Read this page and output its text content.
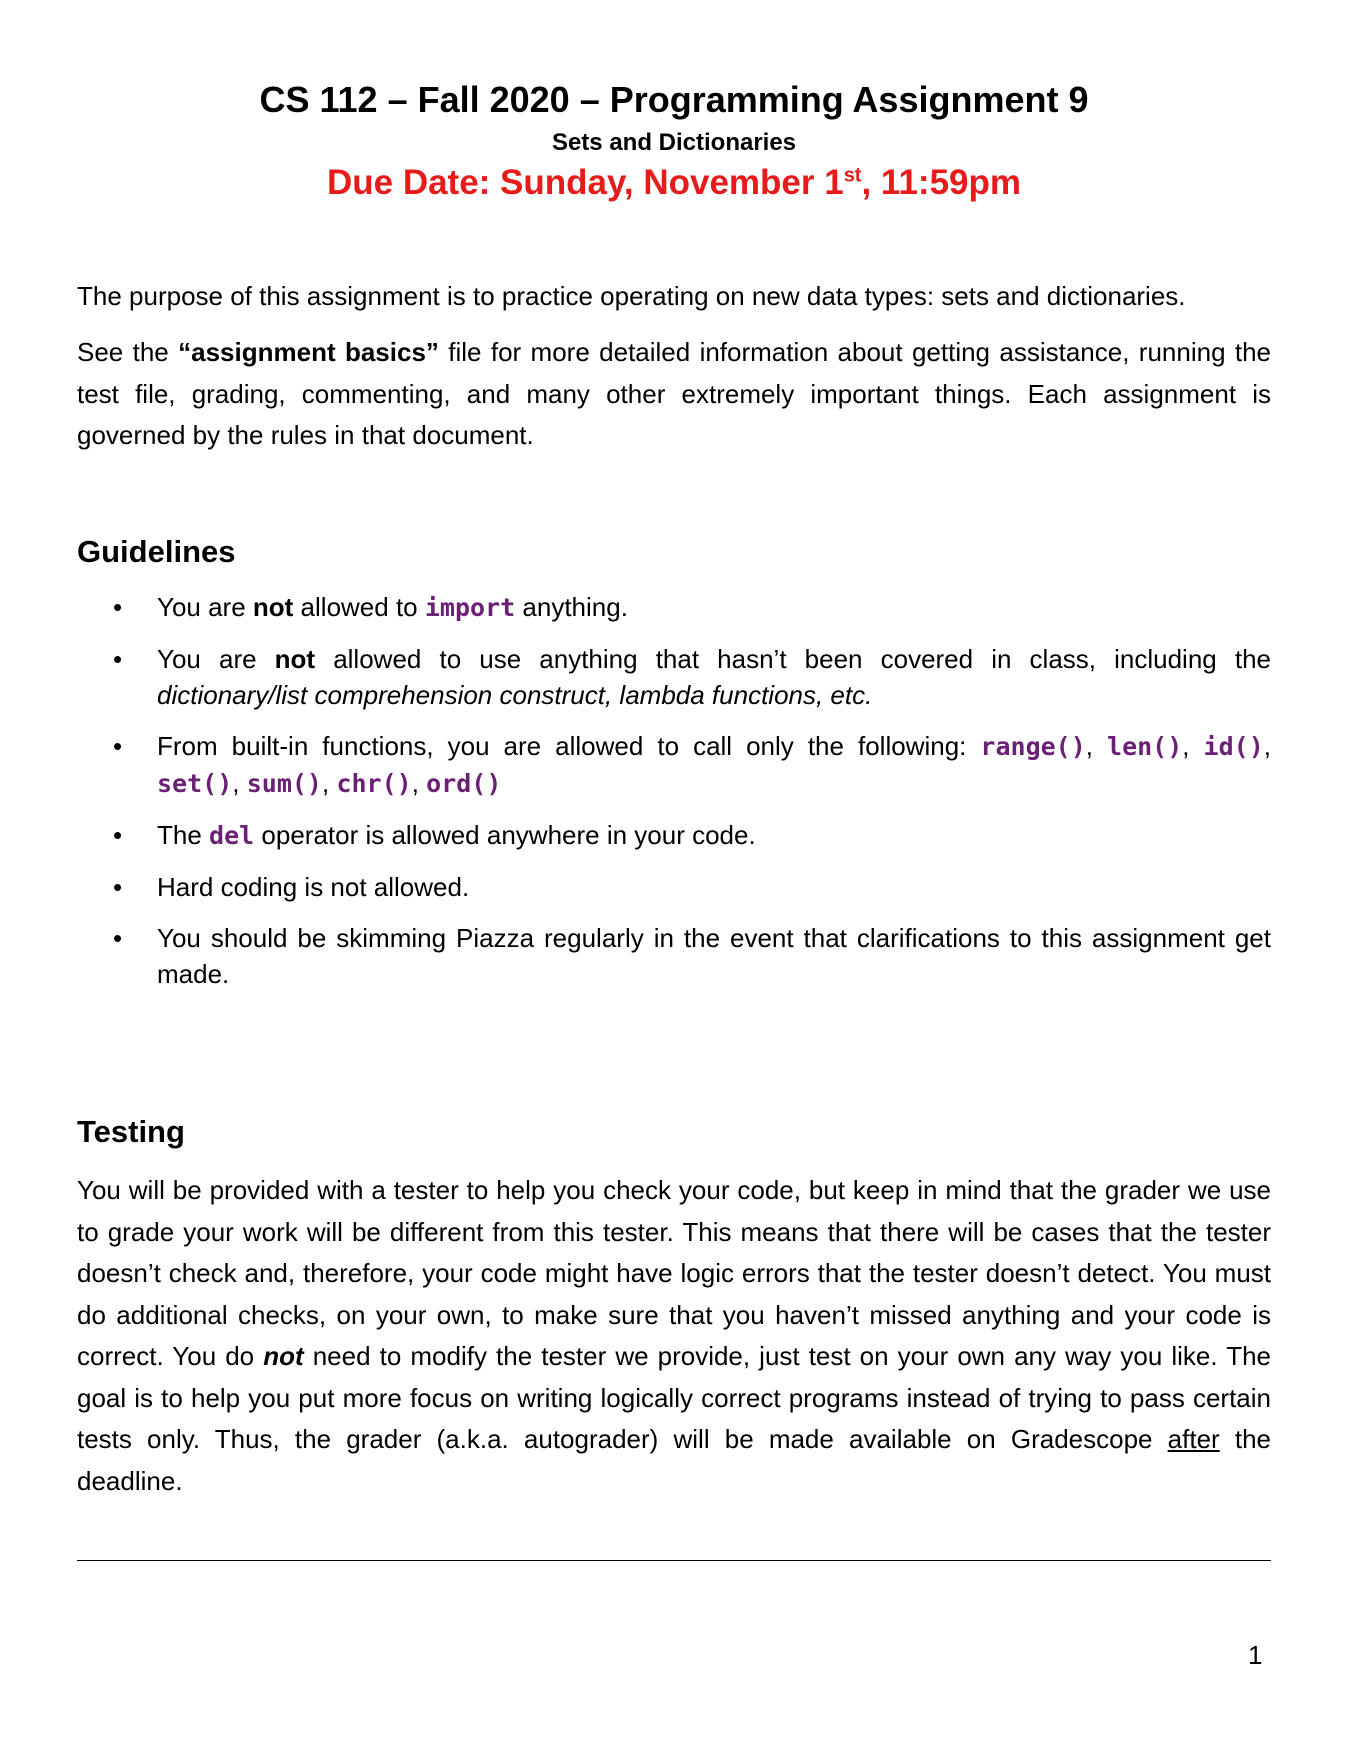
CS 112 – Fall 2020 – Programming Assignment 9
Sets and Dictionaries
Due Date: Sunday, November 1st, 11:59pm

The purpose of this assignment is to practice operating on new data types: sets and dictionaries.

See the “assignment basics” file for more detailed information about getting assistance, running the test file, grading, commenting, and many other extremely important things. Each assignment is governed by the rules in that document.

Guidelines
• You are not allowed to import anything.
• You are not allowed to use anything that hasn’t been covered in class, including the dictionary/list comprehension construct, lambda functions, etc.
• From built-in functions, you are allowed to call only the following: range(), len(), id(), set(), sum(), chr(), ord()
• The del operator is allowed anywhere in your code.
• Hard coding is not allowed.
• You should be skimming Piazza regularly in the event that clarifications to this assignment get made.
Testing

You will be provided with a tester to help you check your code, but keep in mind that the grader we use to grade your work will be different from this tester. This means that there will be cases that the tester doesn’t check and, therefore, your code might have logic errors that the tester doesn’t detect. You must do additional checks, on your own, to make sure that you haven’t missed anything and your code is correct. You do not need to modify the tester we provide, just test on your own any way you like. The goal is to help you put more focus on writing logically correct programs instead of trying to pass certain tests only. Thus, the grader (a.k.a. autograder) will be made available on Gradescope after the deadline.

1
